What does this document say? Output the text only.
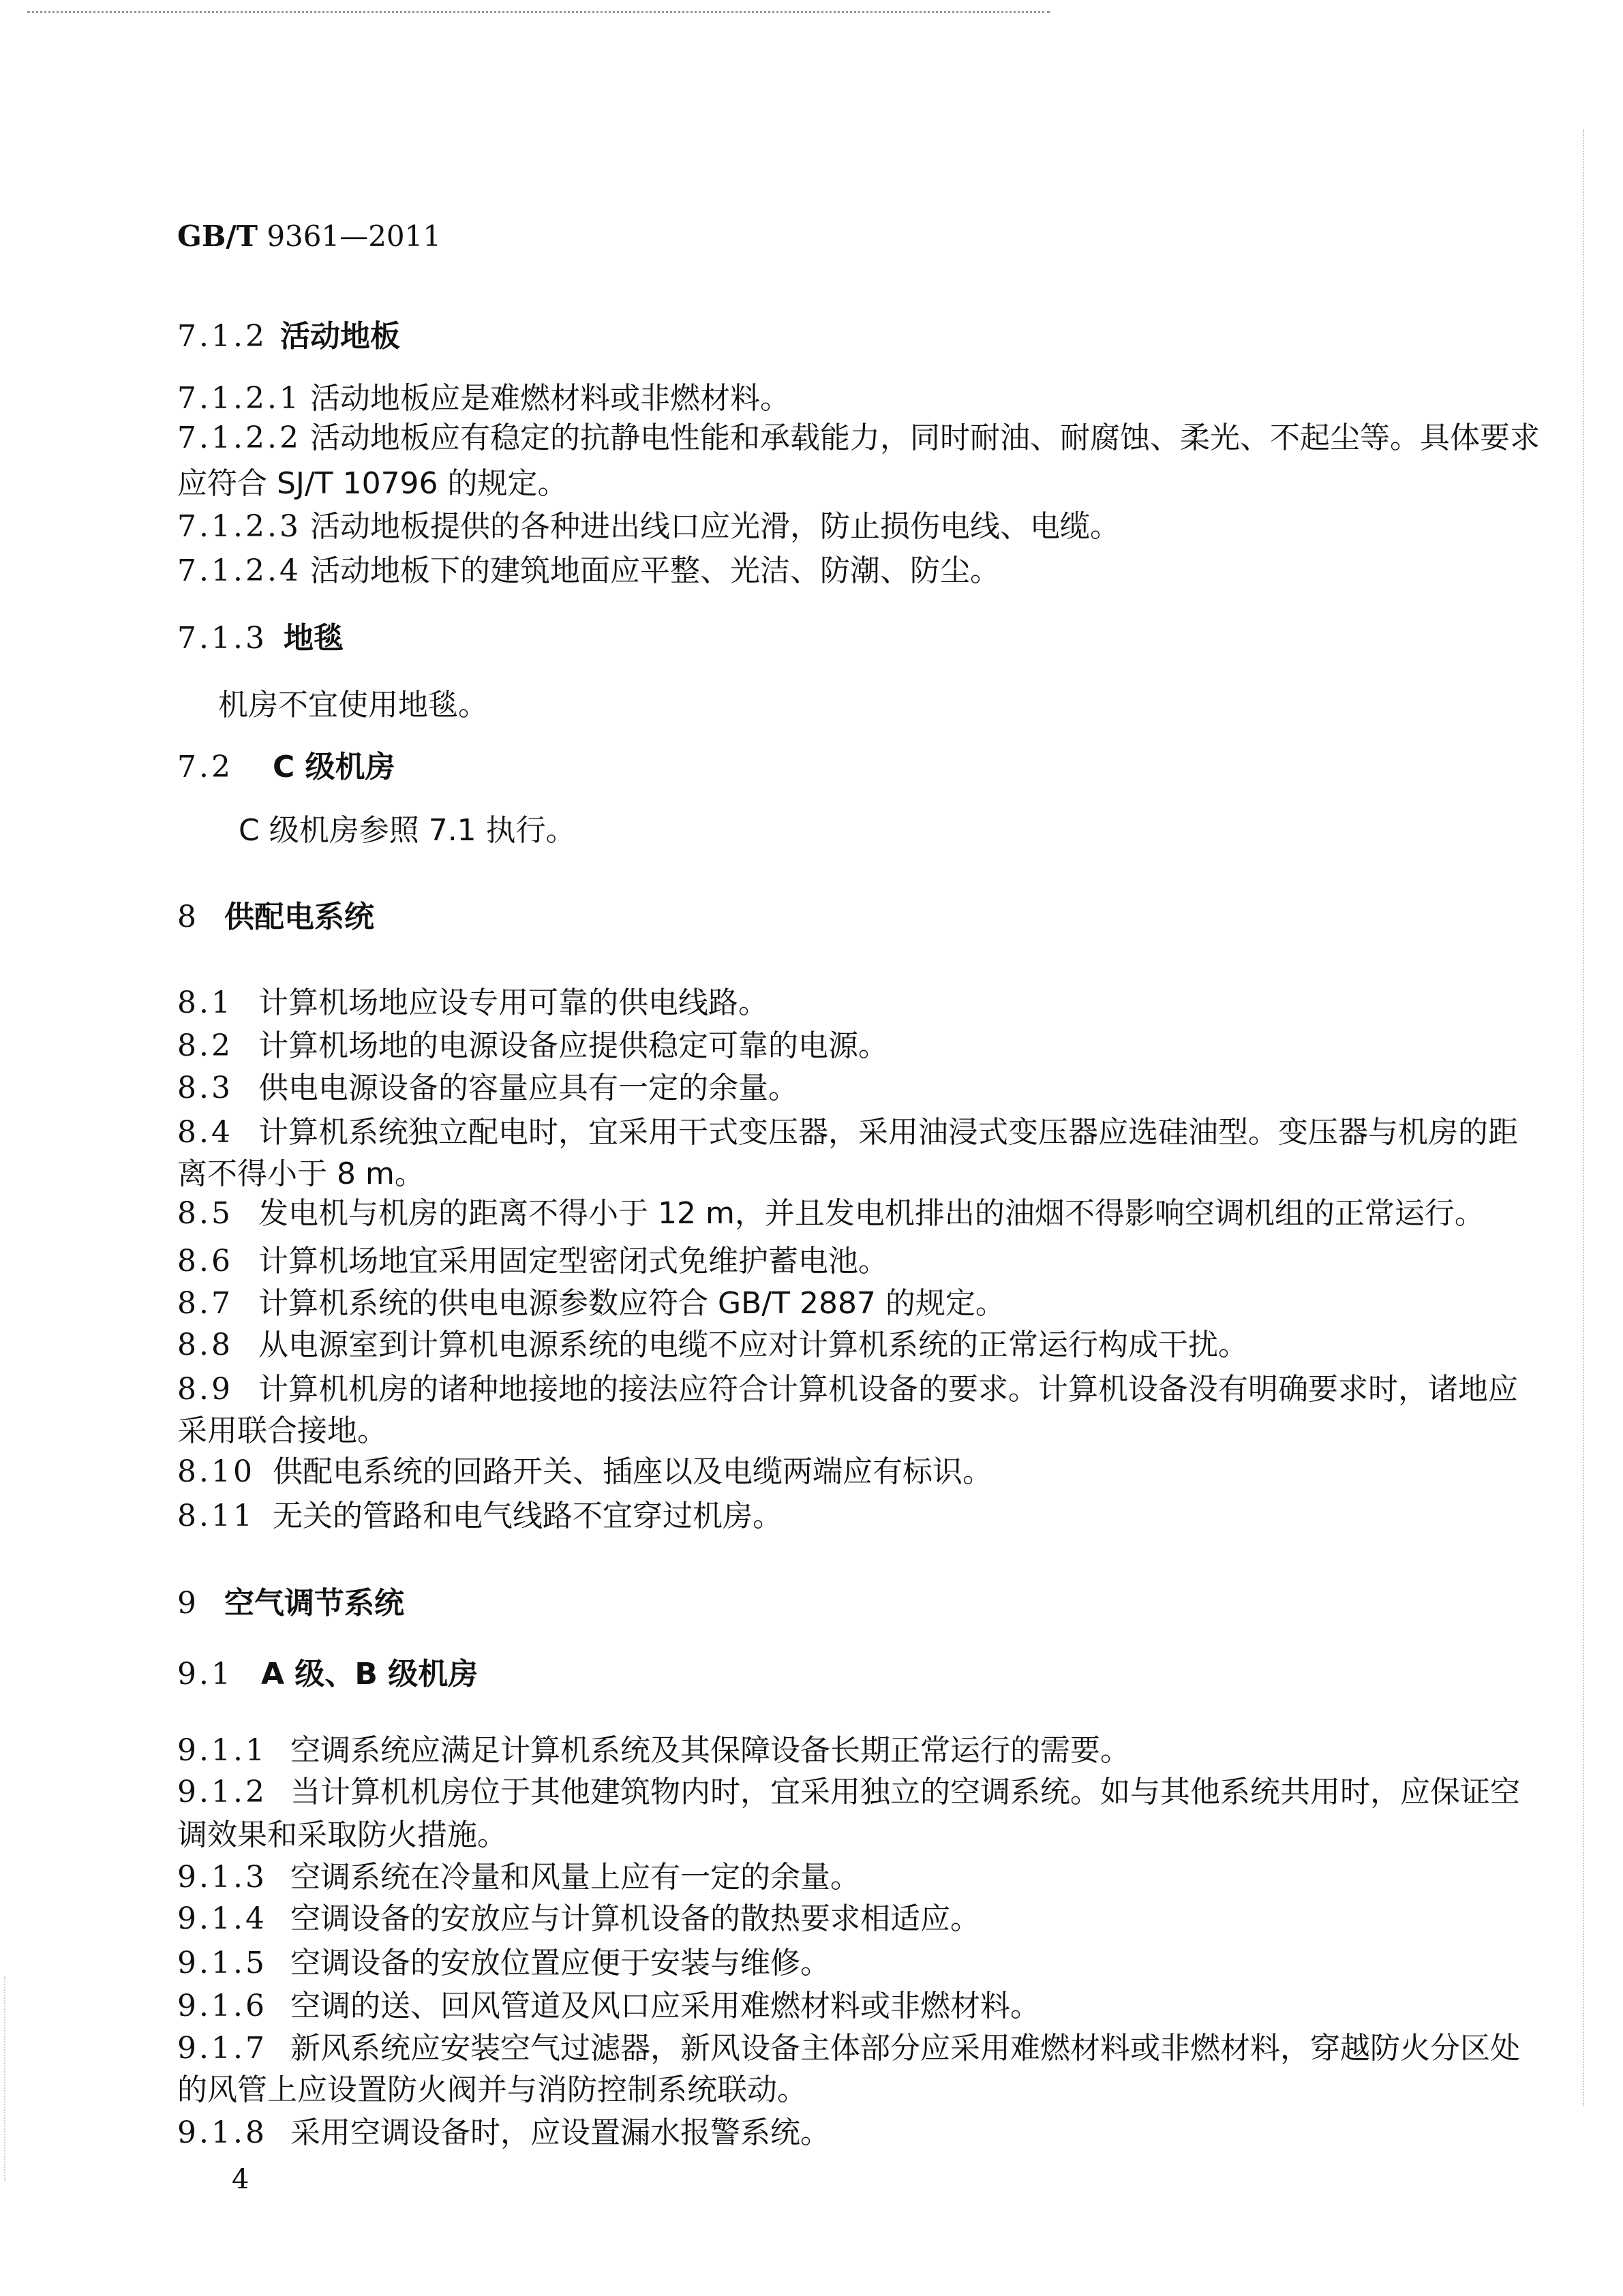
GB/T 9361—2011
7.1.2 活动地板
7.1.2.1 活动地板应是难燃材料或非燃材料。
7.1.2.2 活动地板应有稳定的抗静电性能和承载能力，同时耐油、耐腐蚀、柔光、不起尘等。具体要求
应符合 SJ/T 10796 的规定。
7.1.2.3 活动地板提供的各种进出线口应光滑，防止损伤电线、电缆。
7.1.2.4 活动地板下的建筑地面应平整、光洁、防潮、防尘。
7.1.3 地毯
机房不宜使用地毯。
7.2 C 级机房
C 级机房参照 7.1 执行。
8 供配电系统
8.1 计算机场地应设专用可靠的供电线路。
8.2 计算机场地的电源设备应提供稳定可靠的电源。
8.3 供电电源设备的容量应具有一定的余量。
8.4 计算机系统独立配电时，宜采用干式变压器，采用油浸式变压器应选硅油型。变压器与机房的距
离不得小于 8 m。
8.5 发电机与机房的距离不得小于 12 m，并且发电机排出的油烟不得影响空调机组的正常运行。
8.6 计算机场地宜采用固定型密闭式免维护蓄电池。
8.7 计算机系统的供电电源参数应符合 GB/T 2887 的规定。
8.8 从电源室到计算机电源系统的电缆不应对计算机系统的正常运行构成干扰。
8.9 计算机机房的诸种地接地的接法应符合计算机设备的要求。计算机设备没有明确要求时，诸地应
采用联合接地。
8.10 供配电系统的回路开关、插座以及电缆两端应有标识。
8.11 无关的管路和电气线路不宜穿过机房。
9 空气调节系统
9.1 A 级、B 级机房
9.1.1 空调系统应满足计算机系统及其保障设备长期正常运行的需要。
9.1.2 当计算机机房位于其他建筑物内时，宜采用独立的空调系统。如与其他系统共用时，应保证空
调效果和采取防火措施。
9.1.3 空调系统在冷量和风量上应有一定的余量。
9.1.4 空调设备的安放应与计算机设备的散热要求相适应。
9.1.5 空调设备的安放位置应便于安装与维修。
9.1.6 空调的送、回风管道及风口应采用难燃材料或非燃材料。
9.1.7 新风系统应安装空气过滤器，新风设备主体部分应采用难燃材料或非燃材料，穿越防火分区处
的风管上应设置防火阀并与消防控制系统联动。
9.1.8 采用空调设备时，应设置漏水报警系统。
4
